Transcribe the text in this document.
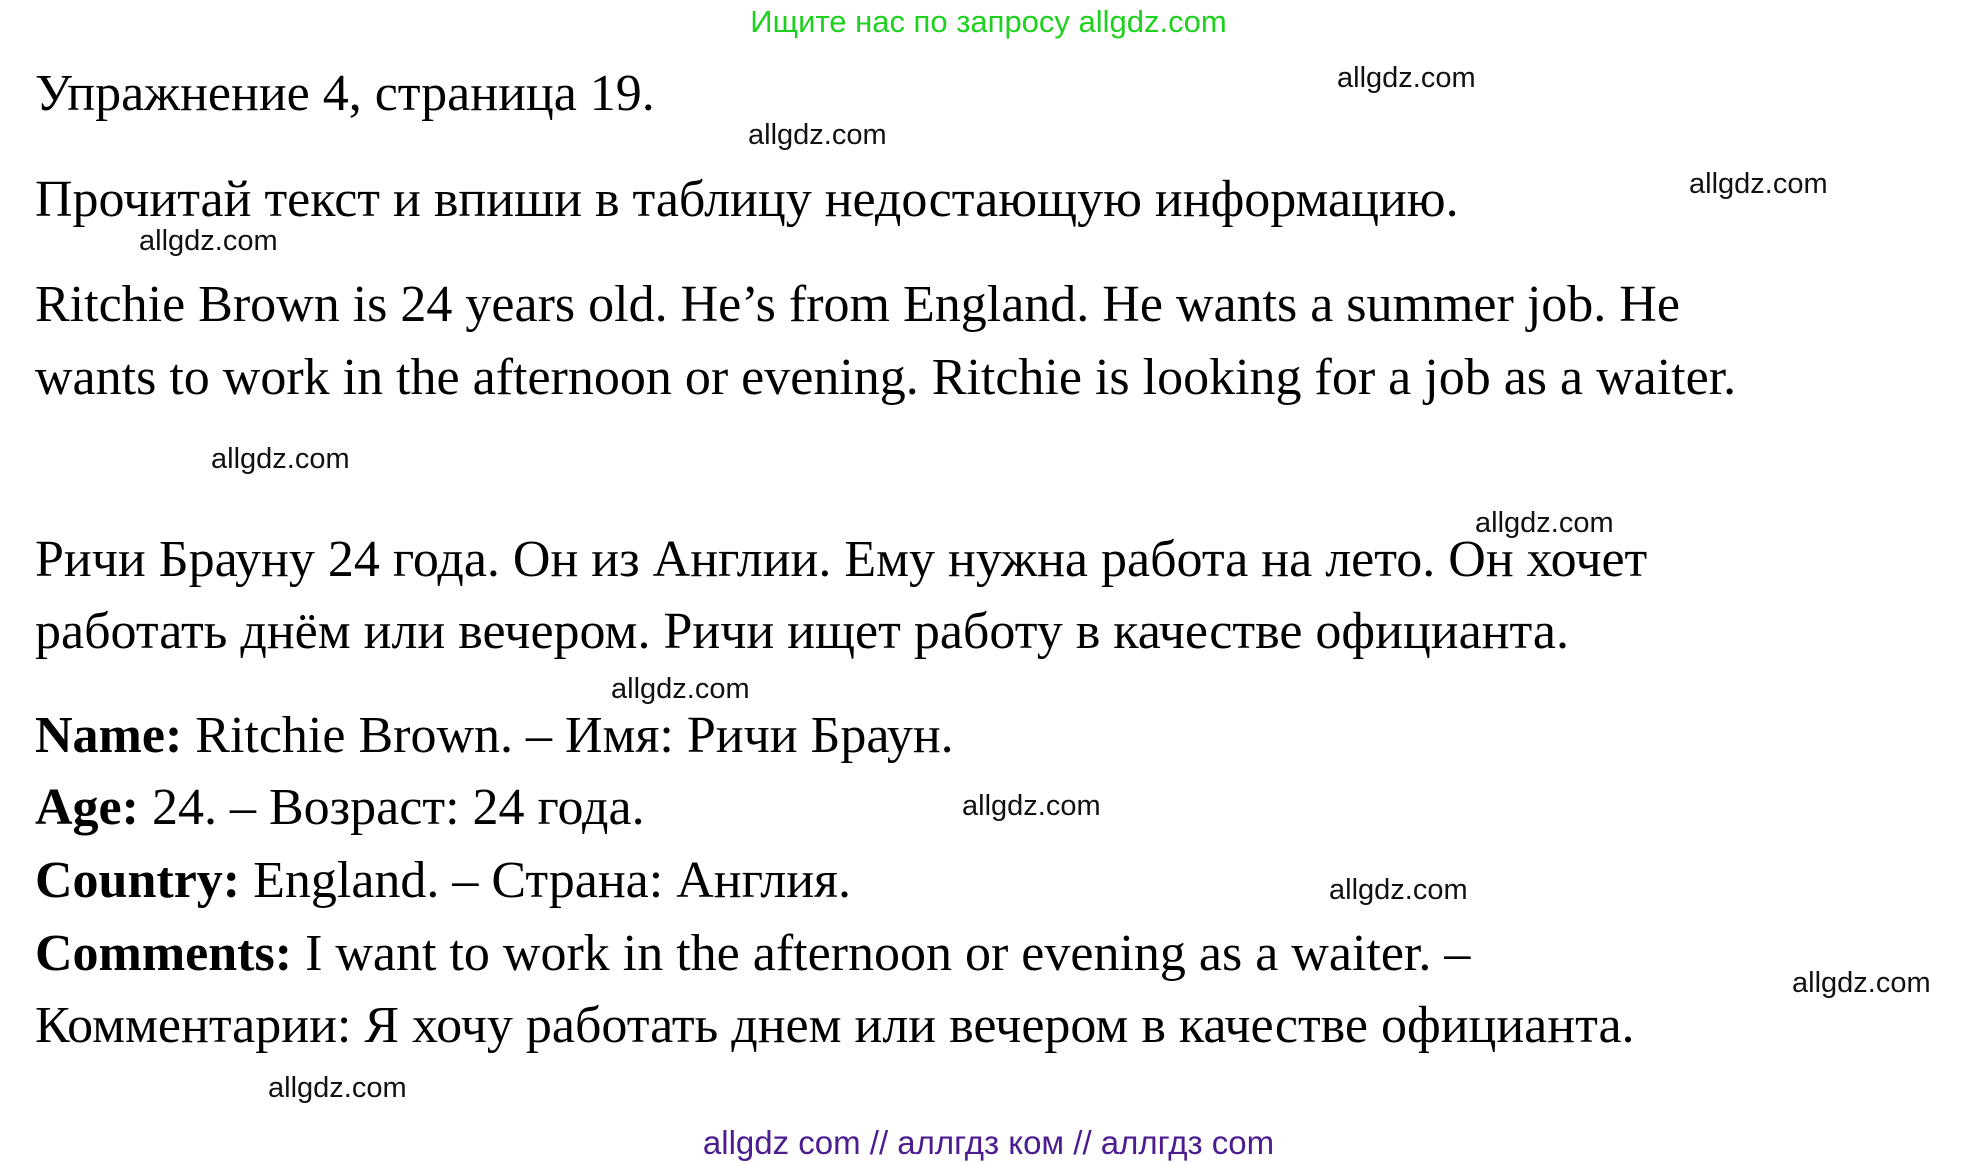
Ищите нас по запросу allgdz.com
Упражнение 4, страница 19.
Прочитай текст и впиши в таблицу недостающую информацию.
Ritchie Brown is 24 years old. He’s from England. He wants a summer job. He
wants to work in the afternoon or evening. Ritchie is looking for a job as a waiter.
Ричи Брауну 24 года. Он из Англии. Ему нужна работа на лето. Он хочет
работать днём или вечером. Ричи ищет работу в качестве официанта.
Name: Ritchie Brown. – Имя: Ричи Браун.
Age: 24. – Возраст: 24 года.
Country: England. – Страна: Англия.
Comments: I want to work in the afternoon or evening as a waiter. –
Комментарии: Я хочу работать днем или вечером в качестве официанта.
allgdz.com
allgdz.com
allgdz.com
allgdz.com
allgdz.com
allgdz.com
allgdz.com
allgdz.com
allgdz.com
allgdz.com
allgdz.com
allgdz com // аллгдз ком // аллгдз com
